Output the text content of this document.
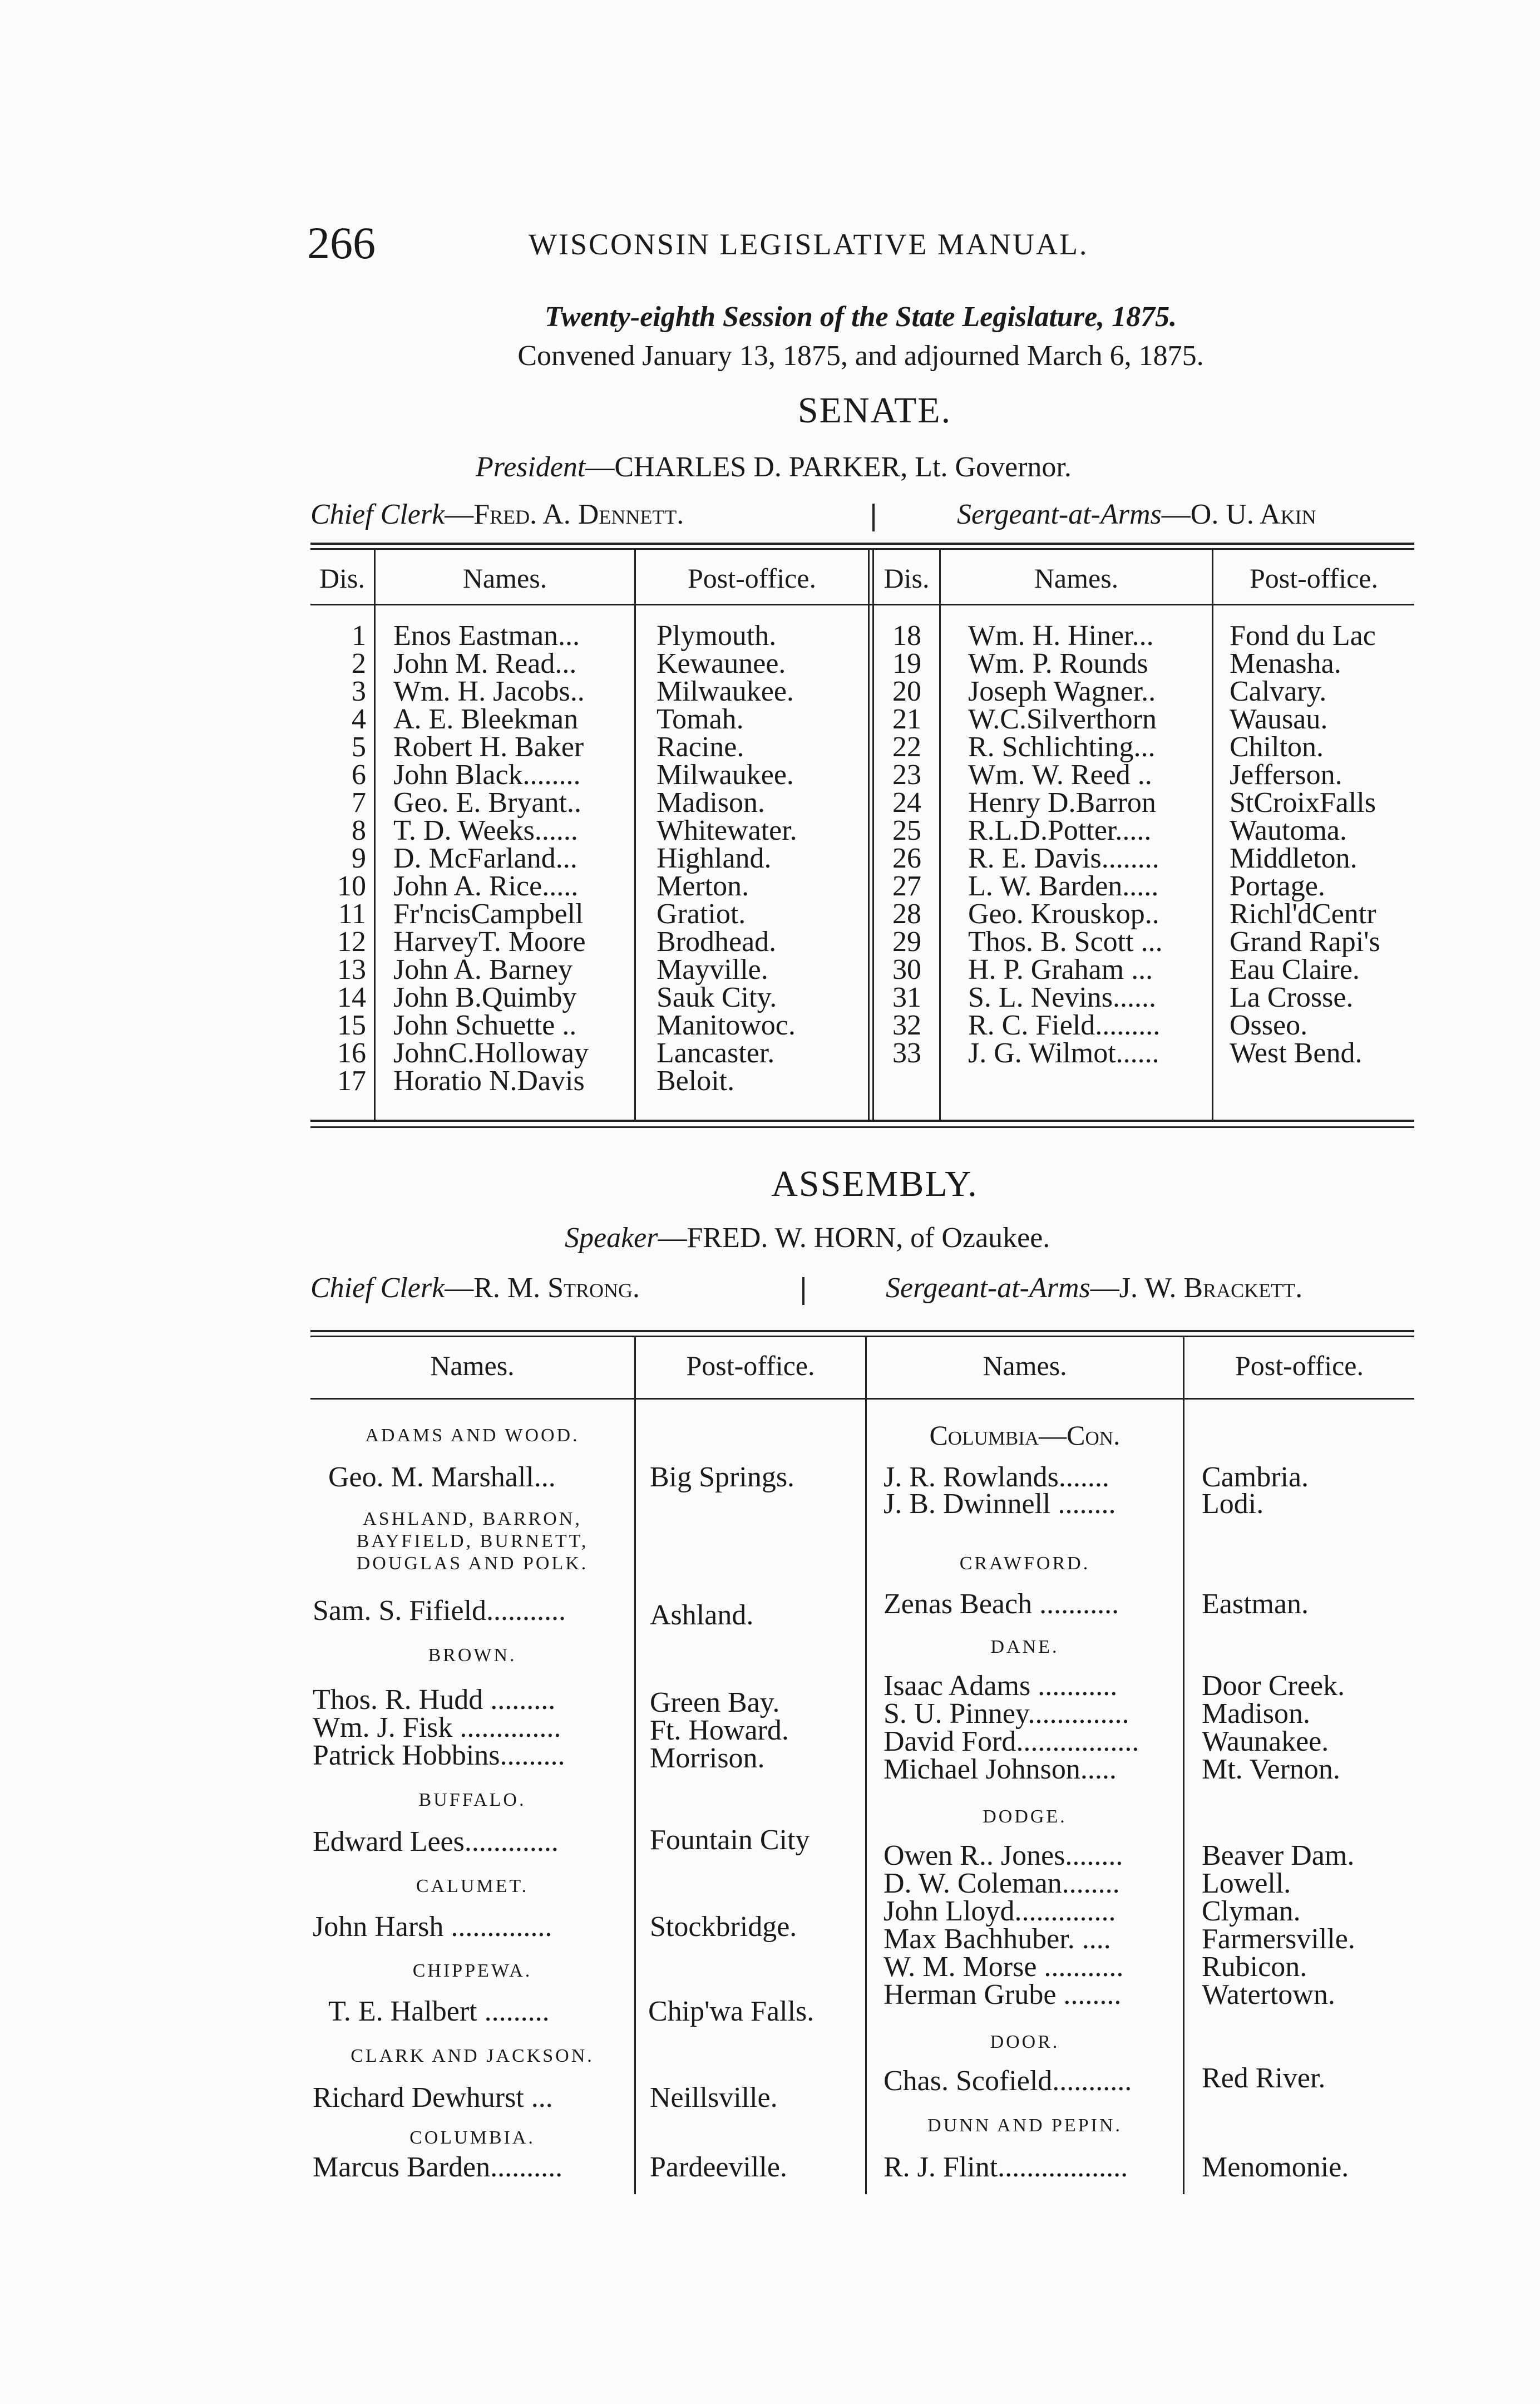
266	WISCONSIN LEGISLATIVE MANUAL.
Twenty-eighth Session of the State Legislature, 1875.
Convened January 13, 1875, and adjourned March 6, 1875.
SENATE.
President—CHARLES D. PARKER, Lt. Governor.
Chief Clerk—Fred. A. Dennett.	Sergeant-at-Arms—O. U. Akin
Dis.	Names.	Post-office.	Dis.	Names.	Post-office.
1 Enos Eastman...	Plymouth.
2 John M. Read...	Kewaunee.
3 Wm. H. Jacobs.. Milwaukee.
4 A. E. Bleekman	Tomah.
5 Robert H. Baker	Racine.
6 John Black........	Milwaukee.
7 Geo. E. Bryant..	Madison.
8 T. D. Weeks......	Whitewater.
9 D. McFarland...	Highland.
10 John A. Rice.....	Merton.
11 Fr'ncisCampbell	Gratiot.
12 HarveyT. Moore Brodhead.
13 John A. Barney	Mayville.
14 John B.Quimby	Sauk City.
15 John Schuette ..	Manitowoc.
16 JohnC.Holloway Lancaster.
17 Horatio N.Davis Beloit.
18 Wm. H. Hiner...	Fond du Lac
19 Wm. P. Rounds	Menasha.
20 Joseph Wagner..	Calvary.
21 W.C.Silverthorn	Wausau.
22 R. Schlichting...	Chilton.
23 Wm. W. Reed ..	Jefferson.
24 Henry D.Barron	StCroixFalls
25 R.L.D.Potter.....	Wautoma.
26 R. E. Davis........ Middleton.
27 L. W. Barden..... Portage.
28 Geo. Krouskop.. Richl'dCentr
29 Thos. B. Scott ... Grand Rapi's
30 H. P. Graham ...	Eau Claire.
31 S. L. Nevins......	La Crosse.
32 R. C. Field......... Osseo.
33 J. G. Wilmot...... West Bend.
ASSEMBLY.
Speaker—FRED. W. HORN, of Ozaukee.
Chief Clerk—R. M. Strong.	Sergeant-at-Arms—J. W. Brackett.
Names.	Post-office.	Names.	Post-office.
ADAMS AND WOOD.
Geo. M. Marshall...	Big Springs.
ASHLAND, BARRON,
BAYFIELD, BURNETT,
DOUGLAS AND POLK.
Sam. S. Fifield...........	Ashland.
BROWN.
Thos. R. Hudd .........	Green Bay.
Wm. J. Fisk ..............	Ft. Howard.
Patrick Hobbins.........	Morrison.
BUFFALO.
Edward Lees.............	Fountain City
CALUMET.
John Harsh ..............	Stockbridge.
CHIPPEWA.
T. E. Halbert .........	Chip'wa Falls.
CLARK AND JACKSON.
Richard Dewhurst ...	Neillsville.
COLUMBIA.
Marcus Barden..........	Pardeeville.
Columbia—Con.
J. R. Rowlands.......	Cambria.
J. B. Dwinnell ........	Lodi.
CRAWFORD.
Zenas Beach ...........	Eastman.
DANE.
Isaac Adams ...........	Door Creek.
S. U. Pinney..............	Madison.
David Ford................. Waunakee.
Michael Johnson.....	Mt. Vernon.
DODGE.
Owen R.. Jones........	Beaver Dam.
D. W. Coleman........	Lowell.
John Lloyd..............	Clyman.
Max Bachhuber. ....	Farmersville.
W. M. Morse ...........	Rubicon.
Herman Grube ........	Watertown.
DOOR.
Chas. Scofield........... Red River.
DUNN AND PEPIN.
R. J. Flint..................	Menomonie.
